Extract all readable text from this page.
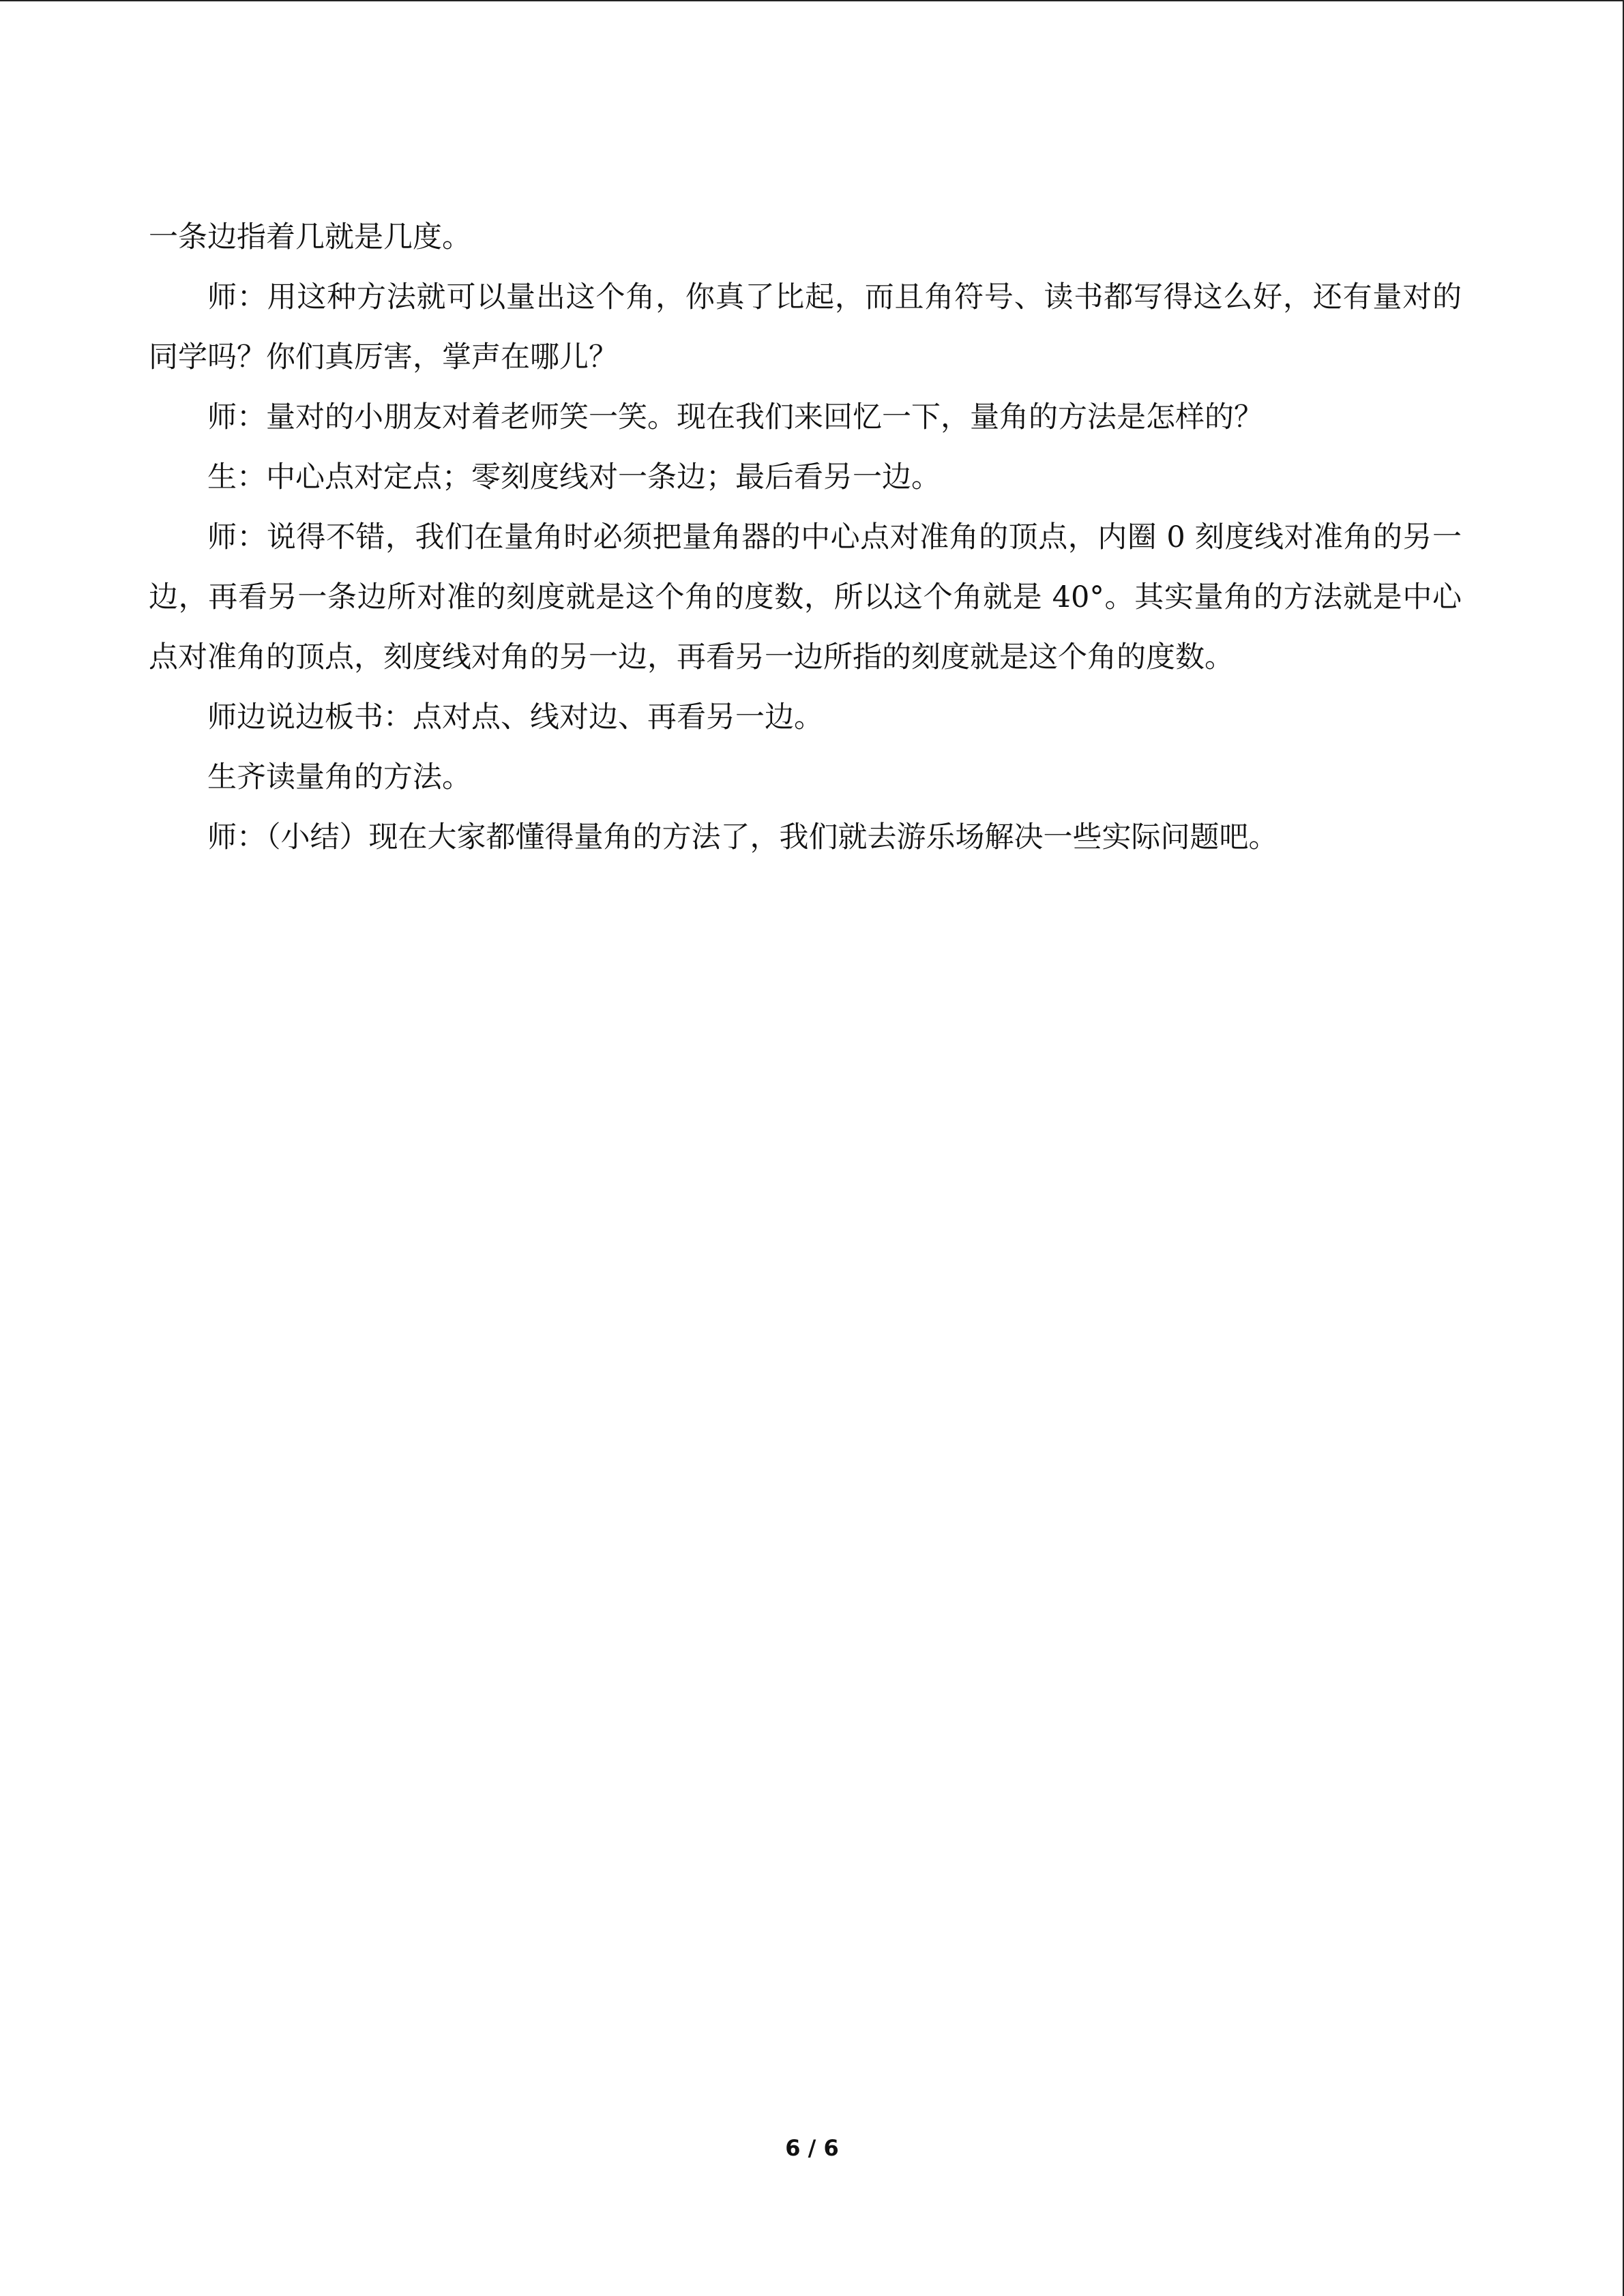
一条边指着几就是几度。

师：用这种方法就可以量出这个角，你真了比起，而且角符号、读书都写得这么好，还有量对的同学吗？你们真厉害，掌声在哪儿？

师：量对的小朋友对着老师笑一笑。现在我们来回忆一下，量角的方法是怎样的？

生：中心点对定点；零刻度线对一条边；最后看另一边。

师：说得不错，我们在量角时必须把量角器的中心点对准角的顶点，内圈 0 刻度线对准角的另一边，再看另一条边所对准的刻度就是这个角的度数，所以这个角就是 40°。其实量角的方法就是中心点对准角的顶点，刻度线对角的另一边，再看另一边所指的刻度就是这个角的度数。

师边说边板书：点对点、线对边、再看另一边。

生齐读量角的方法。

师：（小结）现在大家都懂得量角的方法了，我们就去游乐场解决一些实际问题吧。

6 / 6
